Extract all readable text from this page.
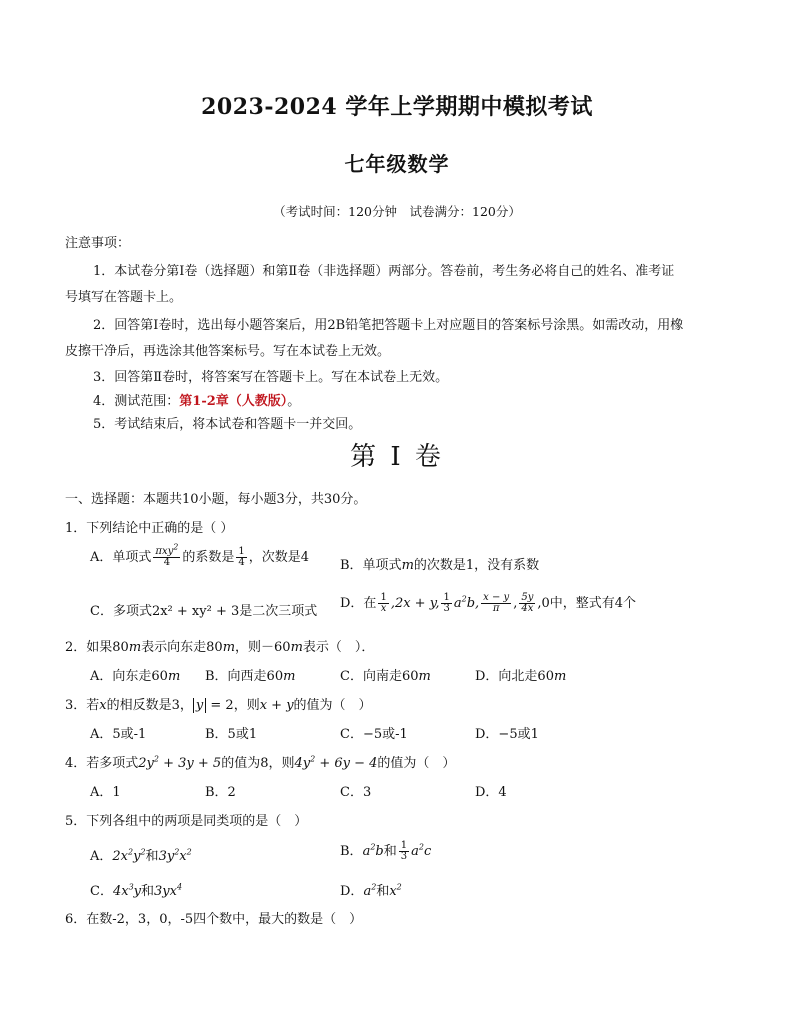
2023-2024 学年上学期期中模拟考试
七年级数学
（考试时间：120分钟　试卷满分：120分）
注意事项：
1．本试卷分第Ⅰ卷（选择题）和第Ⅱ卷（非选择题）两部分。答卷前，考生务必将自己的姓名、准考证
号填写在答题卡上。
2．回答第Ⅰ卷时，选出每小题答案后，用2B铅笔把答题卡上对应题目的答案标号涂黑。如需改动，用橡
皮擦干净后，再选涂其他答案标号。写在本试卷上无效。
3．回答第Ⅱ卷时，将答案写在答题卡上。写在本试卷上无效。
4．测试范围：第1-2章（人教版）。
5．考试结束后，将本试卷和答题卡一并交回。
第 I 卷
一、选择题：本题共10小题，每小题3分，共30分。
1．下列结论中正确的是（ ）
A．单项式 $\frac{\pi xy^2}{4}$ 的系数是 $\frac{1}{4}$ ，次数是4
B．单项式m的次数是1，没有系数
C．多项式2x² + xy² + 3是二次三项式
D．在 $\frac{1}{x} ,2x + y$, $\frac{1}{3} a^2b$, $\frac{x - y}{\pi}$ , $\frac{5y}{4x} ,0$中，整式有4个
2．如果80m表示向东走80m，则－60m表示（　）．
A．向东走60m B．向西走60m	C．向南走60m	D．向北走60m
3．若x的相反数是3， y = 2，则x + y的值为（　）
A．5或-1	B．5或1	C．−5或-1	D．−5或1
4．若多项式$2y^2 + 3y + 5$的值为8，则$4y^2 + 6y - 4$的值为（　）
A．1	B．2	C．3	D．4
5．下列各组中的两项是同类项的是（　）
A．$2x^2y^2$和$3y^2x^2$	B．$a^2b$和 $\frac{1}{3} a^2c$
C．$4x^3y$和$3yx^4$	D．$a^2$和$x^2$
6．在数-2，3，0，-5四个数中，最大的数是（　）
